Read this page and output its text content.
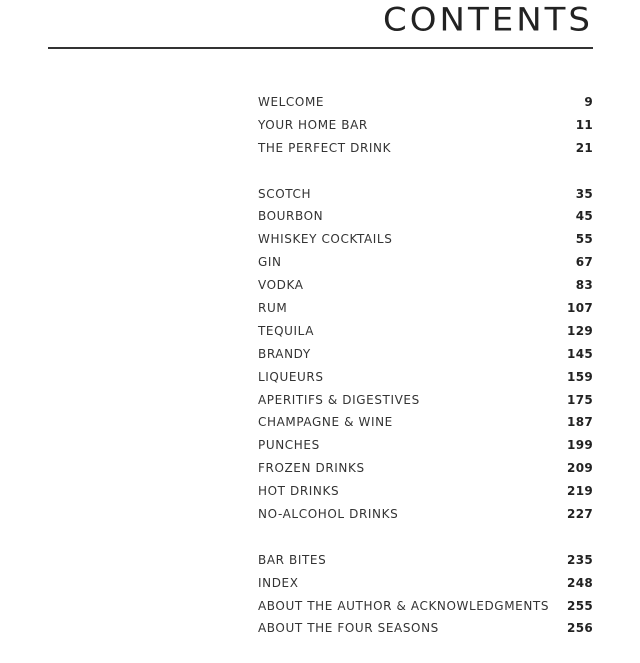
CONTENTS
WELCOME	9
YOUR HOME BAR	11
THE PERFECT DRINK	21
SCOTCH	35
BOURBON	45
WHISKEY COCKTAILS	55
GIN	67
VODKA	83
RUM	107
TEQUILA	129
BRANDY	145
LIQUEURS	159
APERITIFS & DIGESTIVES	175
CHAMPAGNE & WINE	187
PUNCHES	199
FROZEN DRINKS	209
HOT DRINKS	219
NO-ALCOHOL DRINKS	227
BAR BITES	235
INDEX	248
ABOUT THE AUTHOR & ACKNOWLEDGMENTS 255
ABOUT THE FOUR SEASONS	256
